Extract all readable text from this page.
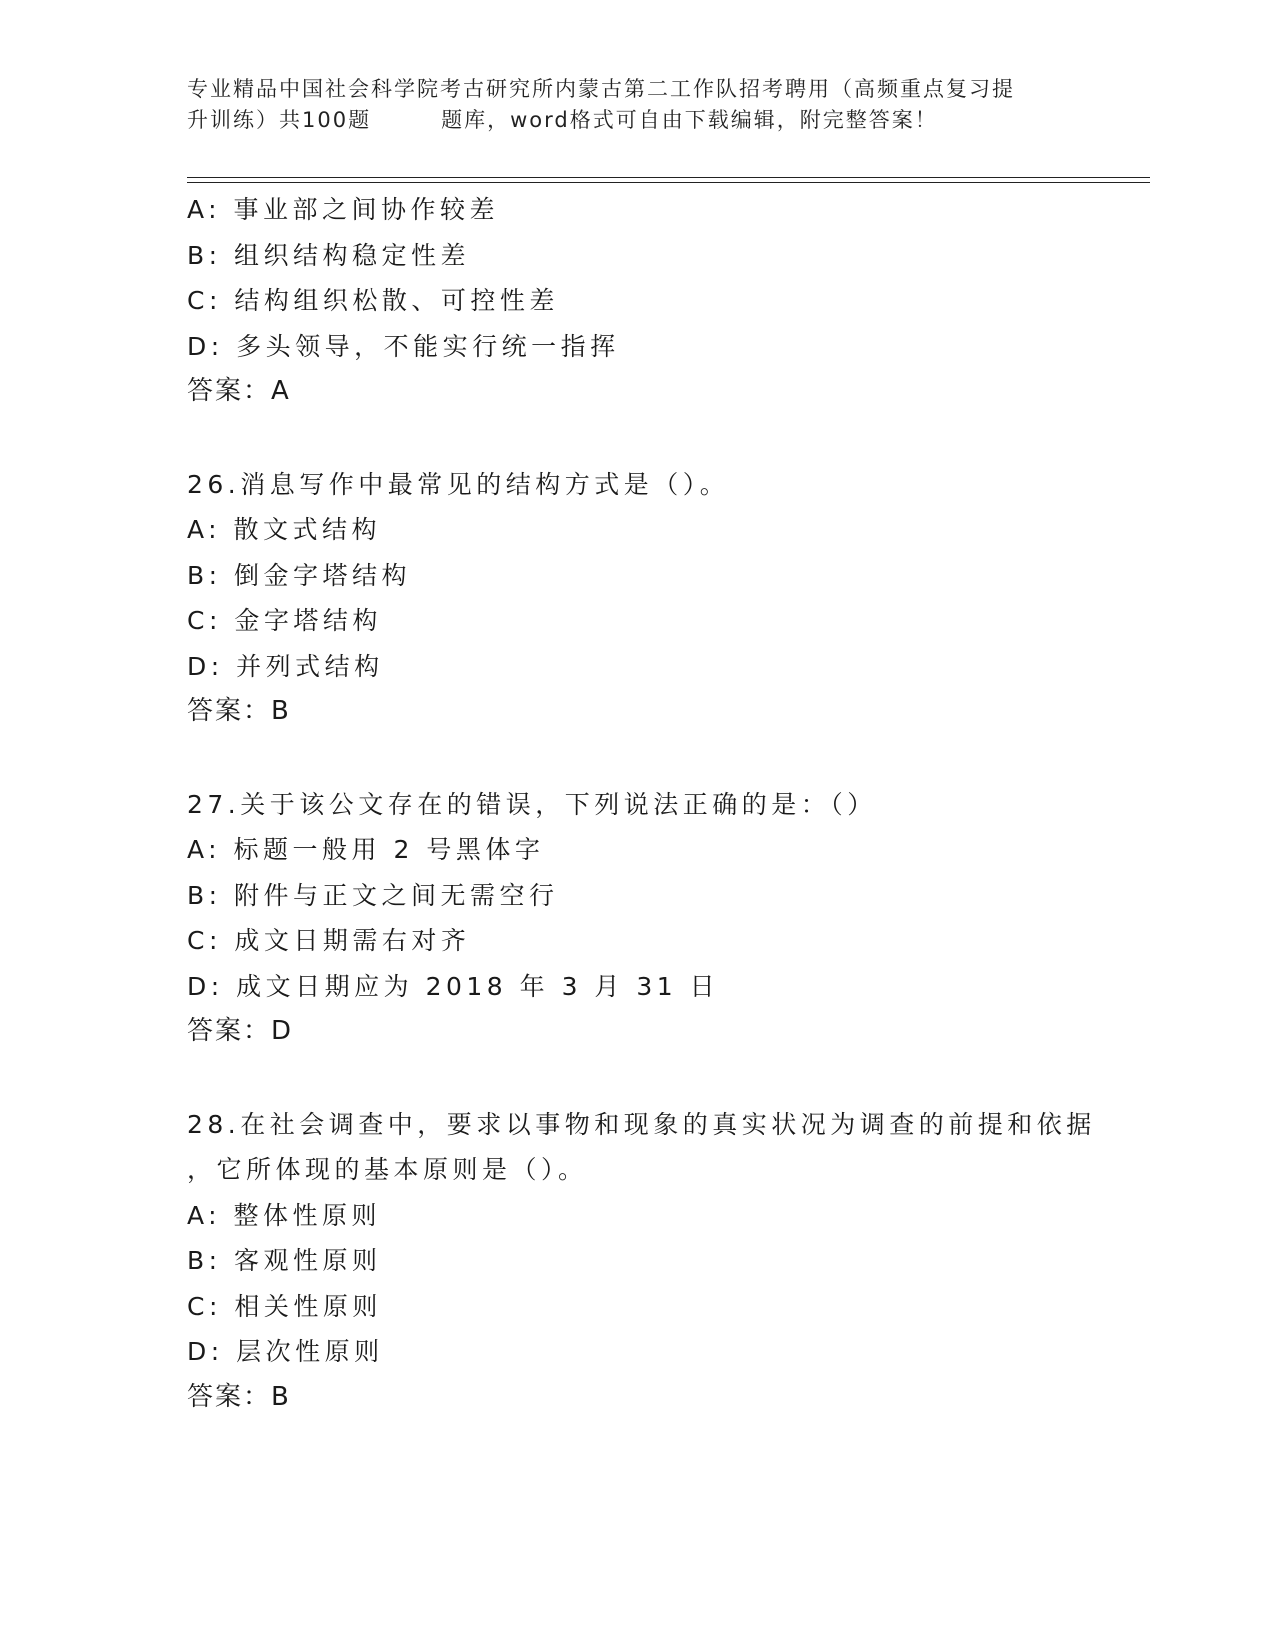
专业精品中国社会科学院考古研究所内蒙古第二工作队招考聘用（高频重点复习提
升训练）共100题	题库，word格式可自由下载编辑，附完整答案！
A: 事业部之间协作较差
B: 组织结构稳定性差
C: 结构组织松散、可控性差
D: 多头领导，不能实行统一指挥
答案：A
26.消息写作中最常见的结构方式是（）。
A: 散文式结构
B: 倒金字塔结构
C: 金字塔结构
D: 并列式结构
答案：B
27.关于该公文存在的错误，下列说法正确的是：（）
A: 标题一般用 2 号黑体字
B: 附件与正文之间无需空行
C: 成文日期需右对齐
D: 成文日期应为 2018 年 3 月 31 日
答案：D
28.在社会调查中，要求以事物和现象的真实状况为调查的前提和依据
，它所体现的基本原则是（）。
A: 整体性原则
B: 客观性原则
C: 相关性原则
D: 层次性原则
答案：B
